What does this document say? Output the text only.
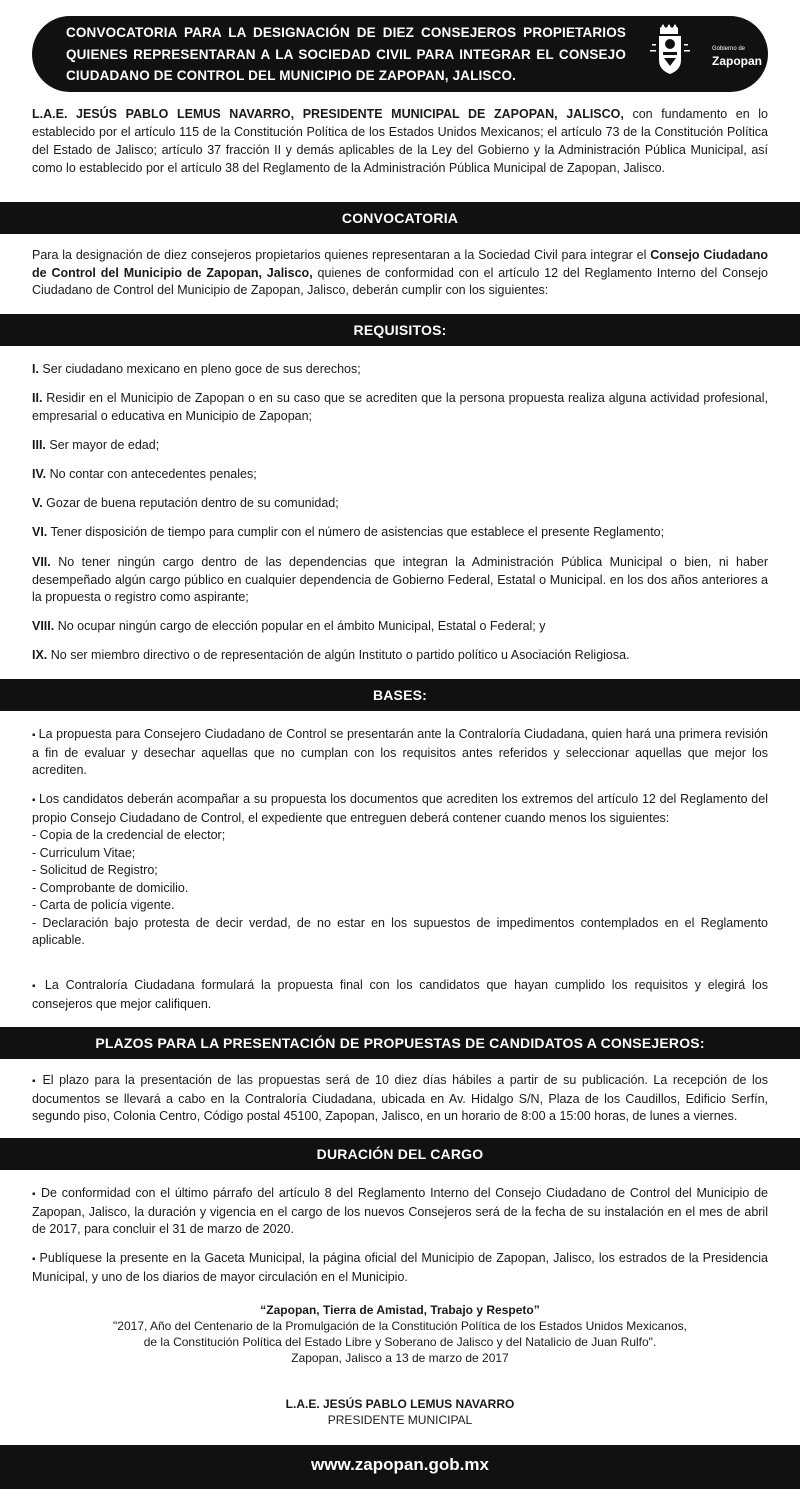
CONVOCATORIA PARA LA DESIGNACIÓN DE DIEZ CONSEJEROS PROPIETARIOS QUIENES REPRESENTARAN A LA SOCIEDAD CIVIL PARA INTEGRAR EL CONSEJO CIUDADANO DE CONTROL DEL MUNICIPIO DE ZAPOPAN, JALISCO.
Gobierno de
Zapopan
L.A.E. JESÚS PABLO LEMUS NAVARRO, PRESIDENTE MUNICIPAL DE ZAPOPAN, JALISCO, con fundamento en lo establecido por el artículo 115 de la Constitución Política de los Estados Unidos Mexicanos; el artículo 73 de la Constitución Política del Estado de Jalisco; artículo 37 fracción II y demás aplicables de la Ley del Gobierno y la Administración Pública Municipal, así como lo establecido por el artículo 38 del Reglamento de la Administración Pública Municipal de Zapopan, Jalisco.
CONVOCATORIA
Para la designación de diez consejeros propietarios quienes representaran a la Sociedad Civil para integrar el Consejo Ciudadano de Control del Municipio de Zapopan, Jalisco, quienes de conformidad con el artículo 12 del Reglamento Interno del Consejo Ciudadano de Control del Municipio de Zapopan, Jalisco, deberán cumplir con los siguientes:
REQUISITOS:
I. Ser ciudadano mexicano en pleno goce de sus derechos;
II. Residir en el Municipio de Zapopan o en su caso que se acrediten que la persona propuesta realiza alguna actividad profesional, empresarial o educativa en Municipio de Zapopan;
III. Ser mayor de edad;
IV. No contar con antecedentes penales;
V. Gozar de buena reputación dentro de su comunidad;
VI. Tener disposición de tiempo para cumplir con el número de asistencias que establece el presente Reglamento;
VII. No tener ningún cargo dentro de las dependencias que integran la Administración Pública Municipal o bien, ni haber desempeñado algún cargo público en cualquier dependencia de Gobierno Federal, Estatal o Municipal. en los dos años anteriores a la propuesta o registro como aspirante;
VIII. No ocupar ningún cargo de elección popular en el ámbito Municipal, Estatal o Federal; y
IX. No ser miembro directivo o de representación de algún Instituto o partido político u Asociación Religiosa.
BASES:
▪ La propuesta para Consejero Ciudadano de Control se presentarán ante la Contraloría Ciudadana, quien hará una primera revisión a fin de evaluar y desechar aquellas que no cumplan con los requisitos antes referidos y seleccionar aquellas que mejor los acrediten.
▪ Los candidatos deberán acompañar a su propuesta los documentos que acrediten los extremos del artículo 12 del Reglamento del propio Consejo Ciudadano de Control, el expediente que entreguen deberá contener cuando menos los siguientes:
- Copia de la credencial de elector;
- Curriculum Vitae;
- Solicitud de Registro;
- Comprobante de domicilio.
- Carta de policía vigente.
- Declaración bajo protesta de decir verdad, de no estar en los supuestos de impedimentos contemplados en el Reglamento aplicable.
▪ La Contraloría Ciudadana formulará la propuesta final con los candidatos que hayan cumplido los requisitos y elegirá los consejeros que mejor califiquen.
PLAZOS PARA LA PRESENTACIÓN DE PROPUESTAS DE CANDIDATOS A CONSEJEROS:
▪ El plazo para la presentación de las propuestas será de 10 diez días hábiles a partir de su publicación. La recepción de los documentos se llevará a cabo en la Contraloría Ciudadana, ubicada en Av. Hidalgo S/N, Plaza de los Caudillos, Edificio Serfín, segundo piso, Colonia Centro, Código postal 45100, Zapopan, Jalisco, en un horario de 8:00 a 15:00 horas, de lunes a viernes.
DURACIÓN DEL CARGO
▪ De conformidad con el último párrafo del artículo 8 del Reglamento Interno del Consejo Ciudadano de Control del Municipio de Zapopan, Jalisco, la duración y vigencia en el cargo de los nuevos Consejeros será de la fecha de su instalación en el mes de abril de 2017, para concluir el 31 de marzo de 2020.
▪ Publíquese la presente en la Gaceta Municipal, la página oficial del Municipio de Zapopan, Jalisco, los estrados de la Presidencia Municipal, y uno de los diarios de mayor circulación en el Municipio.
“Zapopan, Tierra de Amistad, Trabajo y Respeto”
"2017, Año del Centenario de la Promulgación de la Constitución Política de los Estados Unidos Mexicanos,
de la Constitución Política del Estado Libre y Soberano de Jalisco y del Natalicio de Juan Rulfo".
Zapopan, Jalisco a 13 de marzo de 2017
L.A.E. JESÚS PABLO LEMUS NAVARRO
PRESIDENTE MUNICIPAL
www.zapopan.gob.mx
